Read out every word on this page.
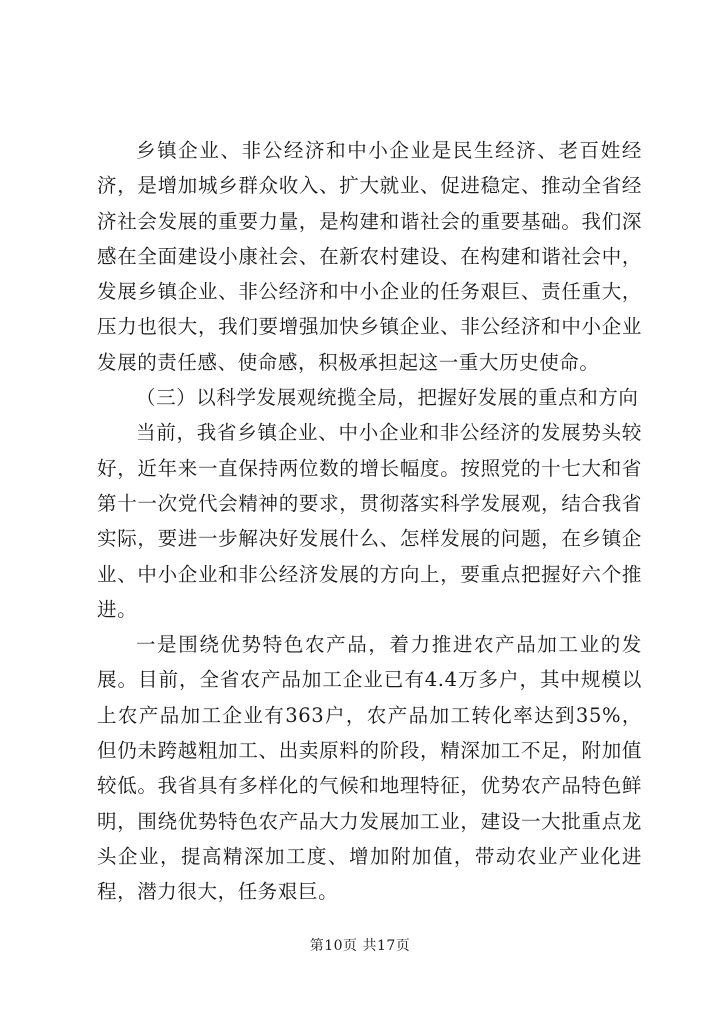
乡镇企业、非公经济和中小企业是民生经济、老百姓经济，是增加城乡群众收入、扩大就业、促进稳定、推动全省经济社会发展的重要力量，是构建和谐社会的重要基础。我们深感在全面建设小康社会、在新农村建设、在构建和谐社会中，发展乡镇企业、非公经济和中小企业的任务艰巨、责任重大，压力也很大，我们要增强加快乡镇企业、非公经济和中小企业发展的责任感、使命感，积极承担起这一重大历史使命。

（三）以科学发展观统揽全局，把握好发展的重点和方向

当前，我省乡镇企业、中小企业和非公经济的发展势头较好，近年来一直保持两位数的增长幅度。按照党的十七大和省第十一次党代会精神的要求，贯彻落实科学发展观，结合我省实际，要进一步解决好发展什么、怎样发展的问题，在乡镇企业、中小企业和非公经济发展的方向上，要重点把握好六个推进。

一是围绕优势特色农产品，着力推进农产品加工业的发展。目前，全省农产品加工企业已有4.4万多户，其中规模以上农产品加工企业有363户，农产品加工转化率达到35%，但仍未跨越粗加工、出卖原料的阶段，精深加工不足，附加值较低。我省具有多样化的气候和地理特征，优势农产品特色鲜明，围绕优势特色农产品大力发展加工业，建设一大批重点龙头企业，提高精深加工度、增加附加值，带动农业产业化进程，潜力很大，任务艰巨。

第10页 共17页
